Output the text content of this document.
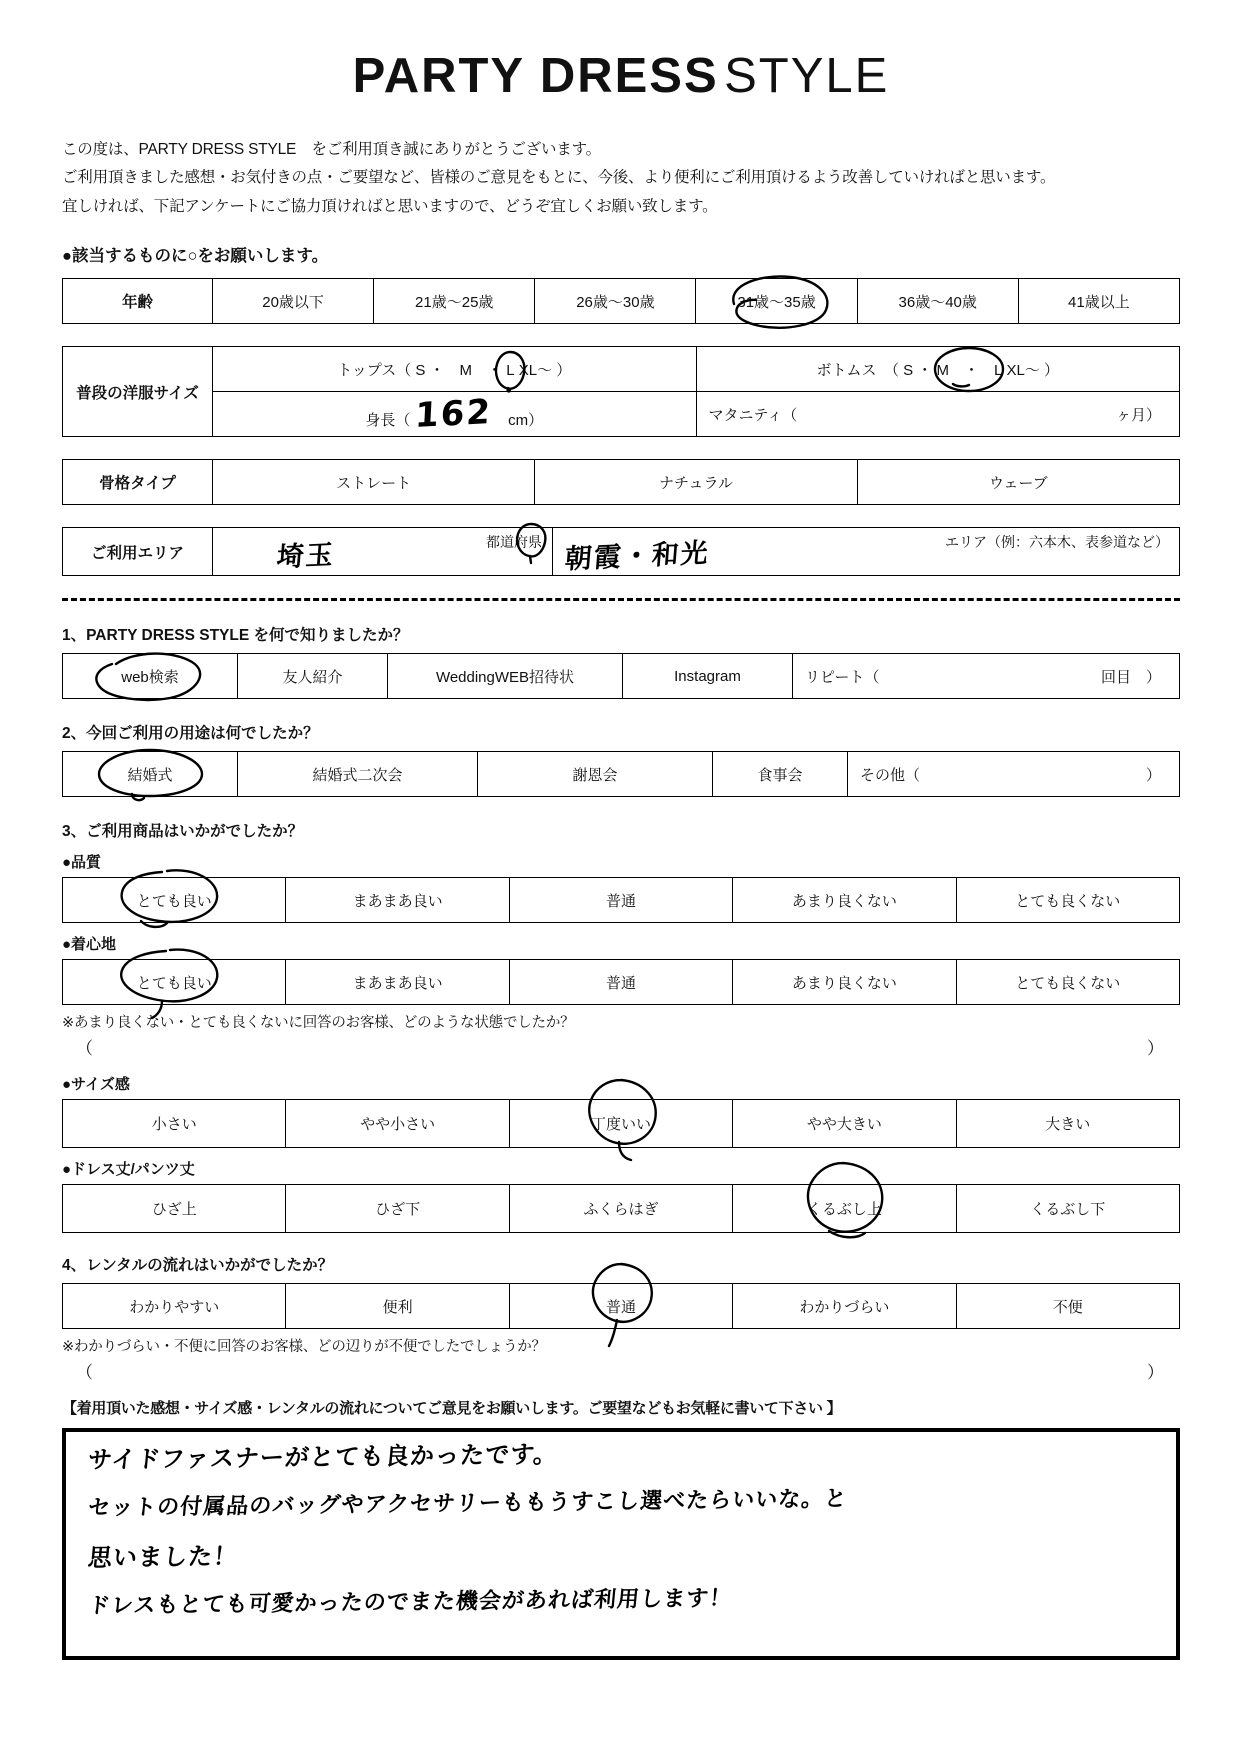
PARTY DRESS STYLE

この度は、PARTY DRESS STYLE　をご利用頂き誠にありがとうございます。

ご利用頂きました感想・お気付きの点・ご要望など、皆様のご意見をもとに、今後、より便利にご利用頂けるよう改善していければと思います。

宜しければ、下記アンケートにご協力頂ければと思いますので、どうぞ宜しくお願い致します。

●該当するものに○をお願いします。
年齢	20歳以下	21歳〜25歳	26歳〜30歳	31歳〜35歳	36歳〜40歳	41歳以上
普段の洋服サイズ	トップス（ S ・　M　・ L XL〜 ）	ボトムス　（ S ・ M　・　L XL〜 ）
	身長（ 162 cm）	マタニティ（ ヶ月）
骨格タイプ	ストレート	ナチュラル	ウェーブ
ご利用エリア	埼玉	都道府県	朝霞・和光	エリア（例：六本木、表参道など）
1、PARTY DRESS STYLE を何で知りましたか？
web検索	友人紹介	WeddingWEB招待状	Instagram	リピート（	回目　）
2、今回ご利用の用途は何でしたか？
結婚式	結婚式二次会	謝恩会	食事会	その他（	）
3、ご利用商品はいかがでしたか？
●品質
とても良い	まあまあ良い	普通	あまり良くない	とても良くない
●着心地
とても良い	まあまあ良い	普通	あまり良くない	とても良くない
※あまり良くない・とても良くないに回答のお客様、どのような状態でしたか？
（	）
●サイズ感
小さい	やや小さい	丁度いい	やや大きい	大きい
●ドレス丈/パンツ丈
ひざ上	ひざ下	ふくらはぎ	くるぶし上	くるぶし下
4、レンタルの流れはいかがでしたか？
わかりやすい	便利	普通	わかりづらい	不便
※わかりづらい・不便に回答のお客様、どの辺りが不便でしたでしょうか？
（	）
【着用頂いた感想・サイズ感・レンタルの流れについてご意見をお願いします。ご要望などもお気軽に書いて下さい 】
サイドファスナーがとても良かったです。
セットの付属品のバッグやアクセサリーももうすこし選べたらいいな。と
思いました！
ドレスもとても可愛かったのでまた機会があれば利用します！
